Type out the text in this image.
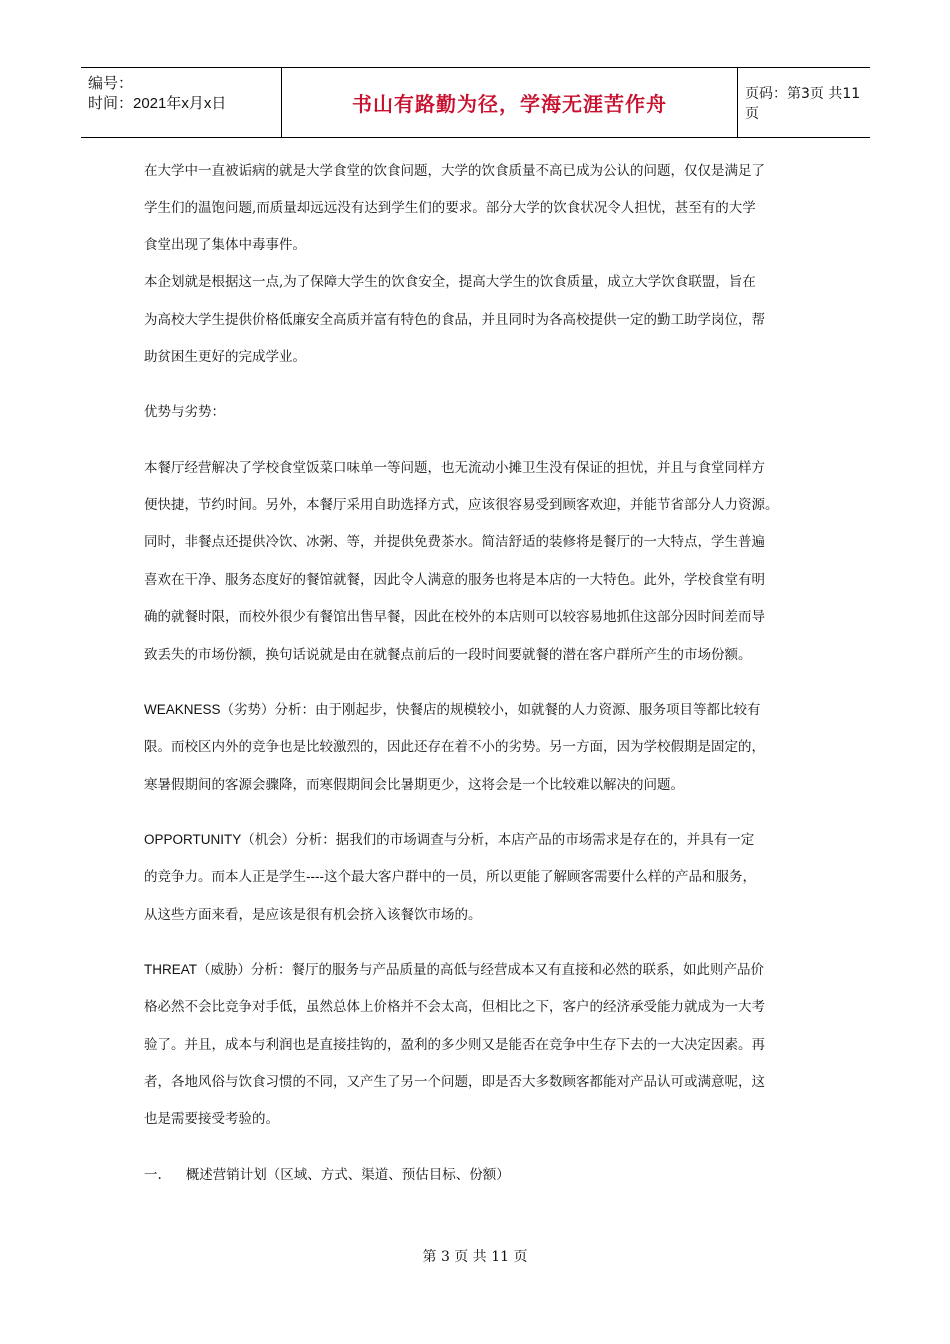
编号：
时间：2021年x月x日	书山有路勤为径，学海无涯苦作舟	页码：第3页 共11页
在大学中一直被诟病的就是大学食堂的饮食问题，大学的饮食质量不高已成为公认的问题，仅仅是满足了
学生们的温饱问题,而质量却远远没有达到学生们的要求。部分大学的饮食状况令人担忧，甚至有的大学
食堂出现了集体中毒事件。
本企划就是根据这一点,为了保障大学生的饮食安全，提高大学生的饮食质量，成立大学饮食联盟，旨在
为高校大学生提供价格低廉安全高质并富有特色的食品，并且同时为各高校提供一定的勤工助学岗位，帮
助贫困生更好的完成学业。
优势与劣势：
本餐厅经营解决了学校食堂饭菜口味单一等问题，也无流动小摊卫生没有保证的担忧，并且与食堂同样方
便快捷，节约时间。另外，本餐厅采用自助选择方式，应该很容易受到顾客欢迎，并能节省部分人力资源。
同时，非餐点还提供冷饮、冰粥、等，并提供免费茶水。简洁舒适的装修将是餐厅的一大特点，学生普遍
喜欢在干净、服务态度好的餐馆就餐，因此令人满意的服务也将是本店的一大特色。此外，学校食堂有明
确的就餐时限，而校外很少有餐馆出售早餐，因此在校外的本店则可以较容易地抓住这部分因时间差而导
致丢失的市场份额，换句话说就是由在就餐点前后的一段时间要就餐的潜在客户群所产生的市场份额。
WEAKNESS（劣势）分析：由于刚起步，快餐店的规模较小，如就餐的人力资源、服务项目等都比较有
限。而校区内外的竞争也是比较激烈的，因此还存在着不小的劣势。另一方面，因为学校假期是固定的，
寒暑假期间的客源会骤降，而寒假期间会比暑期更少，这将会是一个比较难以解决的问题。
OPPORTUNITY（机会）分析：据我们的市场调查与分析，本店产品的市场需求是存在的，并具有一定
的竞争力。而本人正是学生----这个最大客户群中的一员，所以更能了解顾客需要什么样的产品和服务，
从这些方面来看，是应该是很有机会挤入该餐饮市场的。
THREAT（威胁）分析：餐厅的服务与产品质量的高低与经营成本又有直接和必然的联系，如此则产品价
格必然不会比竞争对手低，虽然总体上价格并不会太高，但相比之下，客户的经济承受能力就成为一大考
验了。并且，成本与利润也是直接挂钩的，盈利的多少则又是能否在竞争中生存下去的一大决定因素。再
者，各地风俗与饮食习惯的不同，又产生了另一个问题，即是否大多数顾客都能对产品认可或满意呢，这
也是需要接受考验的。
一. 概述营销计划（区域、方式、渠道、预估目标、份额）
第 3 页 共 11 页
